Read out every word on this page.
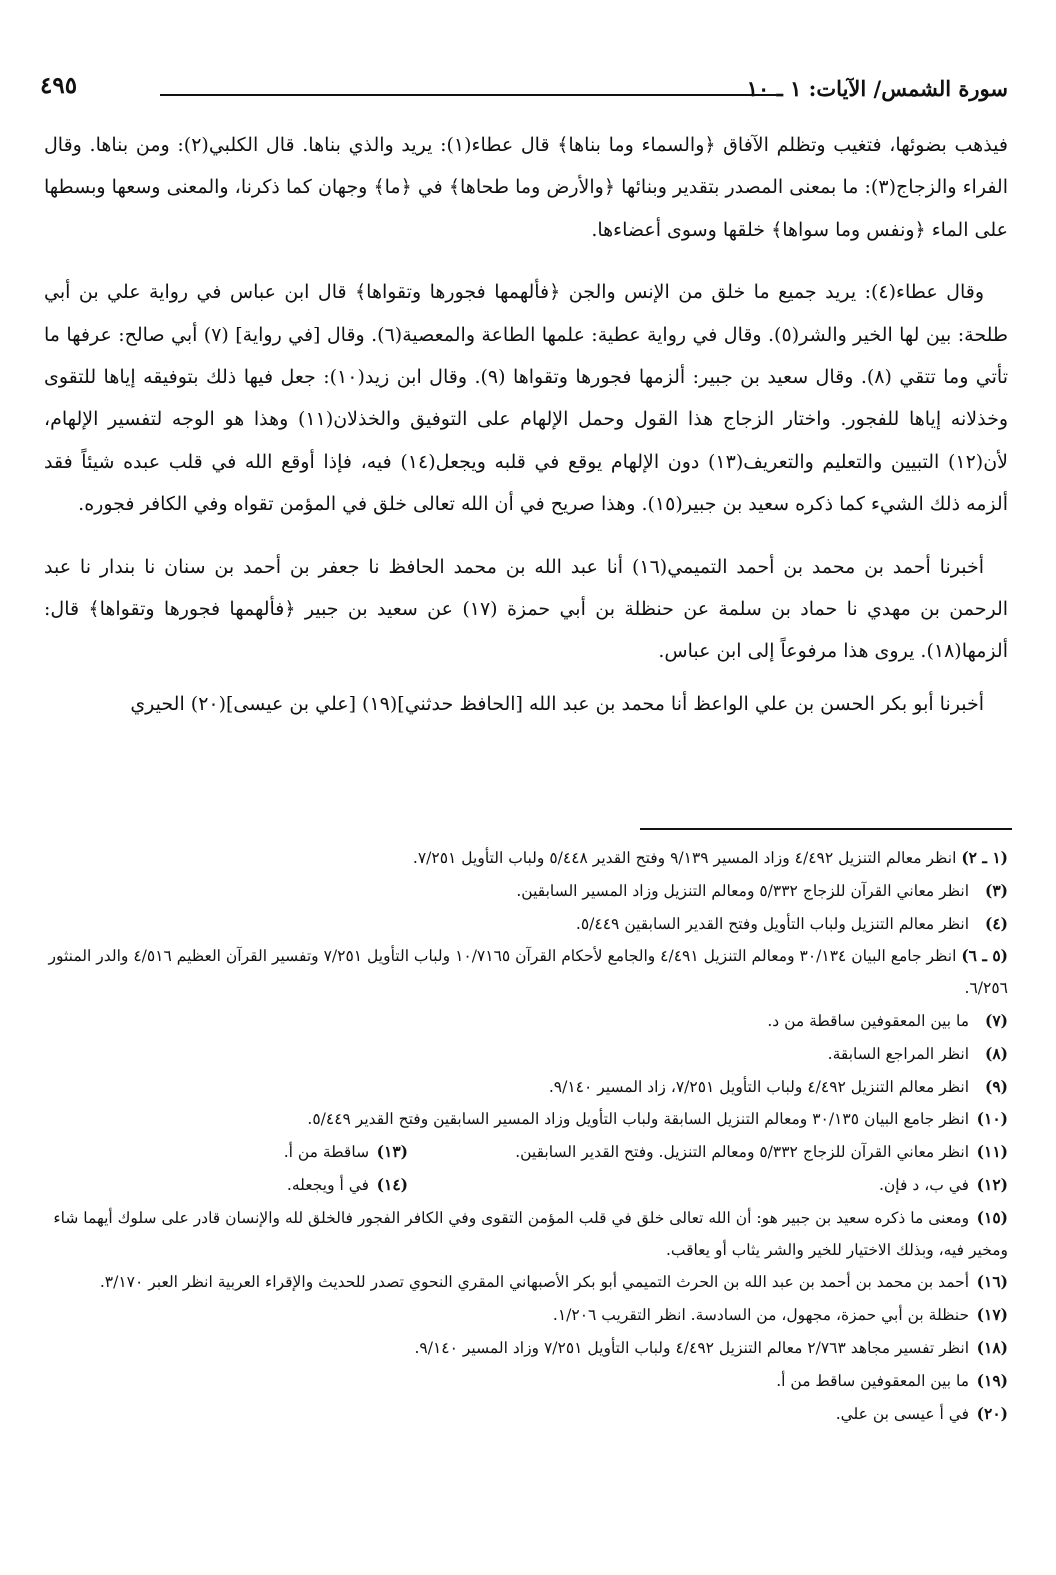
سورة الشمس/ الآيات: ١ ـ ١٠
٤٩٥

فيذهب بضوئها، فتغيب وتظلم الآفاق ﴿والسماء وما بناها﴾ قال عطاء(١): يريد والذي بناها. قال الكلبي(٢): ومن بناها. وقال الفراء والزجاج(٣): ما بمعنى المصدر بتقدير وبنائها ﴿والأرض وما طحاها﴾ في ﴿ما﴾ وجهان كما ذكرنا، والمعنى وسعها وبسطها على الماء ﴿ونفس وما سواها﴾ خلقها وسوى أعضاءها.

وقال عطاء(٤): يريد جميع ما خلق من الإنس والجن ﴿فألهمها فجورها وتقواها﴾ قال ابن عباس في رواية علي بن أبي طلحة: بين لها الخير والشر(٥). وقال في رواية عطية: علمها الطاعة والمعصية(٦). وقال [في رواية] (٧) أبي صالح: عرفها ما تأتي وما تتقي (٨). وقال سعيد بن جبير: ألزمها فجورها وتقواها (٩). وقال ابن زيد(١٠): جعل فيها ذلك بتوفيقه إياها للتقوى وخذلانه إياها للفجور. واختار الزجاج هذا القول وحمل الإلهام على التوفيق والخذلان(١١) وهذا هو الوجه لتفسير الإلهام، لأن(١٢) التبيين والتعليم والتعريف(١٣) دون الإلهام يوقع في قلبه ويجعل(١٤) فيه، فإذا أوقع الله في قلب عبده شيئاً فقد ألزمه ذلك الشيء كما ذكره سعيد بن جبير(١٥). وهذا صريح في أن الله تعالى خلق في المؤمن تقواه وفي الكافر فجوره.

أخبرنا أحمد بن محمد بن أحمد التميمي(١٦) أنا عبد الله بن محمد الحافظ نا جعفر بن أحمد بن سنان نا بندار نا عبد الرحمن بن مهدي نا حماد بن سلمة عن حنظلة بن أبي حمزة (١٧) عن سعيد بن جبير ﴿فألهمها فجورها وتقواها﴾ قال: ألزمها(١٨). يروى هذا مرفوعاً إلى ابن عباس.

أخبرنا أبو بكر الحسن بن علي الواعظ أنا محمد بن عبد الله [الحافظ حدثني](١٩) [علي بن عيسى](٢٠) الحيري

(١ ـ ٢) انظر معالم التنزيل ٤/٤٩٢ وزاد المسير ٩/١٣٩ وفتح القدير ٥/٤٤٨ ولباب التأويل ٧/٢٥١.

(٣) انظر معاني القرآن للزجاج ٥/٣٣٢ ومعالم التنزيل وزاد المسير السابقين.

(٤) انظر معالم التنزيل ولباب التأويل وفتح القدير السابقين ٥/٤٤٩.

(٥ ـ ٦) انظر جامع البيان ٣٠/١٣٤ ومعالم التنزيل ٤/٤٩١ والجامع لأحكام القرآن ١٠/٧١٦٥ ولباب التأويل ٧/٢٥١ وتفسير القرآن العظيم ٤/٥١٦ والدر المنثور ٦/٢٥٦.

(٧) ما بين المعقوفين ساقطة من د.

(٨) انظر المراجع السابقة.

(٩) انظر معالم التنزيل ٤/٤٩٢ ولباب التأويل ٧/٢٥١، زاد المسير ٩/١٤٠.

(١٠) انظر جامع البيان ٣٠/١٣٥ ومعالم التنزيل السابقة ولباب التأويل وزاد المسير السابقين وفتح القدير ٥/٤٤٩.

(١١) انظر معاني القرآن للزجاج ٥/٣٣٢ ومعالم التنزيل. وفتح القدير السابقين.

(١٣) ساقطة من أ.

(١٢) في ب، د فإن.

(١٤) في أ ويجعله.

(١٥) ومعنى ما ذكره سعيد بن جبير هو: أن الله تعالى خلق في قلب المؤمن التقوى وفي الكافر الفجور فالخلق لله والإنسان قادر على سلوك أيهما شاء ومخير فيه، وبذلك الاختيار للخير والشر يثاب أو يعاقب.

(١٦) أحمد بن محمد بن أحمد بن عبد الله بن الحرث التميمي أبو بكر الأصبهاني المقري النحوي تصدر للحديث والإقراء العربية انظر العبر ٣/١٧٠.

(١٧) حنظلة بن أبي حمزة، مجهول، من السادسة. انظر التقريب ١/٢٠٦.

(١٨) انظر تفسير مجاهد ٢/٧٦٣ معالم التنزيل ٤/٤٩٢ ولباب التأويل ٧/٢٥١ وزاد المسير ٩/١٤٠.

(١٩) ما بين المعقوفين ساقط من أ.

(٢٠) في أ عيسى بن علي.
